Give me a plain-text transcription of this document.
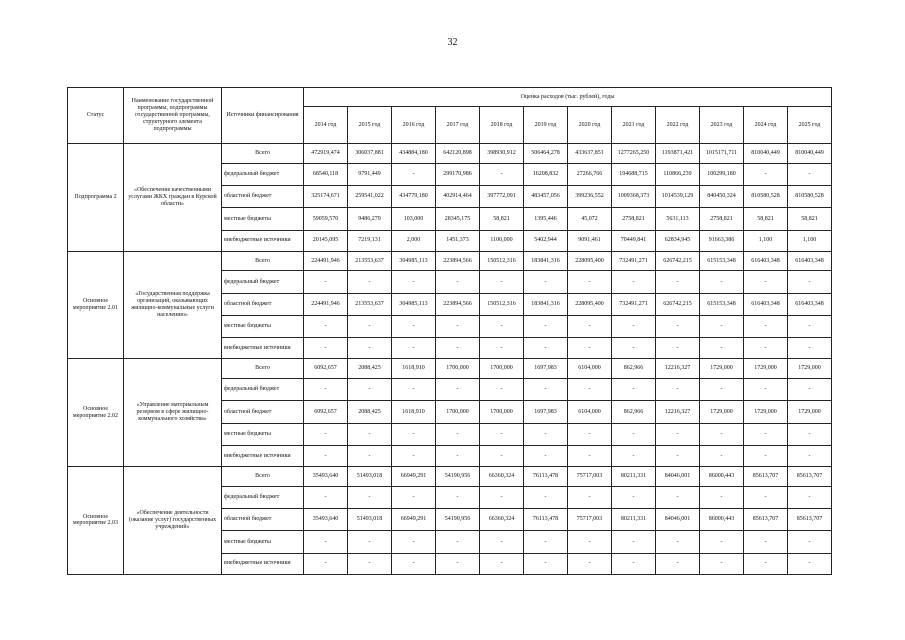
32
Статус	Наименование государственной программы, подпрограммы государственной программы, структурного элемента подпрограммы	Источники финансирования	Оценка расходов (тыс. рублей), годы											
			2014 год	2015 год	2016 год	2017 год	2018 год	2019 год	2020 год	2021 год	2022 год	2023 год	2024 год	2025 год
Подпрограмма 2	«Обеспечение качественными услугами ЖКХ граждан в Курской области»	Всего	472919,474	306037,881	434884,180	642120,898	398930,912	506464,278	433637,851	1277265,250	1193871,421	1015171,711	810040,449	810040,449
		федеральный бюджет	68540,118	9791,449	-	299170,986	-	16208,832	27266,766	194688,715	110866,239	100299,180	-	-
		областной бюджет	325174,671	259541,022	434779,180	402914,464	397772,091	483457,056	399236,552	1009368,373	1014539,129	840450,324	810580,528	810580,528
		местные бюджеты	59059,570	9486,279	103,000	28345,175	58,821	1395,446	45,072	2758,821	5631,113	2758,821	58,821	58,821
		внебюджетные источники	20145,095	7219,131	2,000	1451,373	1100,000	5402,944	9091,461	70449,841	62834,945	91663,386	1,100	1,100
Основное мероприятие 2.01	«Государственная поддержка организаций, оказывающих жилищно-коммунальные услуги населению»	Всего	224491,946	213553,637	304985,113	223894,566	150512,316	183841,316	228095,400	732491,271	626742,215	615153,348	616403,348	616403,348
		федеральный бюджет	-	-	-	-	-	-	-	-	-	-	-	-
		областной бюджет	224491,946	213553,637	304985,113	223894,566	150512,316	183841,316	228095,400	732491,271	626742,215	615153,348	616403,348	616403,348
		местные бюджеты	-	-	-	-	-	-	-	-	-	-	-	-
		внебюджетные источники	-	-	-	-	-	-	-	-	-	-	-	-
Основное мероприятие 2.02	«Управление материальным резервом в сфере жилищно-коммунального хозяйства»	Всего	6092,657	2088,425	1618,910	1700,000	1700,000	1697,983	6104,000	862,966	12216,327	1729,000	1729,000	1729,000
		федеральный бюджет	-	-	-	-	-	-	-	-	-	-	-	-
		областной бюджет	6092,657	2088,425	1618,910	1700,000	1700,000	1697,983	6104,000	862,966	12216,327	1729,000	1729,000	1729,000
		местные бюджеты	-	-	-	-	-	-	-	-	-	-	-	-
		внебюджетные источники	-	-	-	-	-	-	-	-	-	-	-	-
Основное мероприятие 2.03	«Обеспечение деятельности (оказание услуг) государственных учреждений»	Всего	35493,640	51493,018	66949,291	54190,956	66360,324	76113,478	75717,003	80211,331	84046,001	86000,443	85613,707	85613,707
		федеральный бюджет	-	-	-	-	-	-	-	-	-	-	-	-
		областной бюджет	35493,640	51493,018	66949,291	54190,956	66360,324	76113,478	75717,003	80211,331	84046,001	86000,443	85613,707	85613,707
		местные бюджеты	-	-	-	-	-	-	-	-	-	-	-	-
		внебюджетные источники	-	-	-	-	-	-	-	-	-	-	-	-
